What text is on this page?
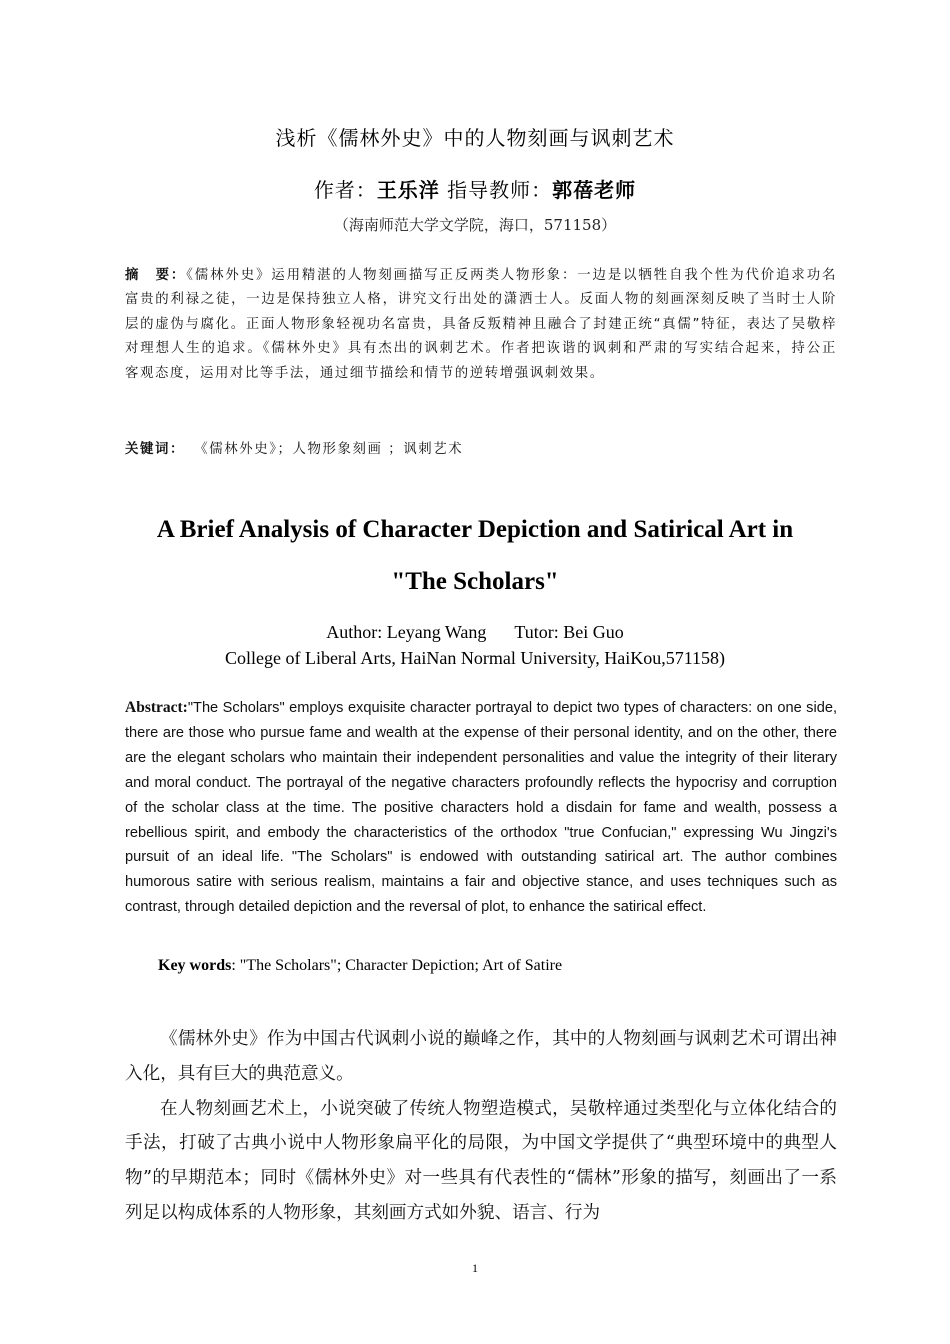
浅析《儒林外史》中的人物刻画与讽刺艺术
作者：王乐洋 指导教师：郭蓓老师
（海南师范大学文学院，海口，571158）
摘　要：《儒林外史》运用精湛的人物刻画描写正反两类人物形象：一边是以牺牲自我个性为代价追求功名富贵的利禄之徒，一边是保持独立人格，讲究文行出处的潇洒士人。反面人物的刻画深刻反映了当时士人阶层的虚伪与腐化。正面人物形象轻视功名富贵，具备反叛精神且融合了封建正统“真儒”特征，表达了吴敬梓对理想人生的追求。《儒林外史》具有杰出的讽刺艺术。作者把诙谐的讽刺和严肃的写实结合起来，持公正客观态度，运用对比等手法，通过细节描绘和情节的逆转增强讽刺效果。
关键词： 《儒林外史》；人物形象刻画 ；讽刺艺术
A Brief Analysis of Character Depiction and Satirical Art in
"The Scholars"
Author: Leyang Wang Tutor: Bei Guo
College of Liberal Arts, HaiNan Normal University, HaiKou,571158)
Abstract:"The Scholars" employs exquisite character portrayal to depict two types of characters: on one side, there are those who pursue fame and wealth at the expense of their personal identity, and on the other, there are the elegant scholars who maintain their independent personalities and value the integrity of their literary and moral conduct. The portrayal of the negative characters profoundly reflects the hypocrisy and corruption of the scholar class at the time. The positive characters hold a disdain for fame and wealth, possess a rebellious spirit, and embody the characteristics of the orthodox "true Confucian," expressing Wu Jingzi's pursuit of an ideal life. "The Scholars" is endowed with outstanding satirical art. The author combines humorous satire with serious realism, maintains a fair and objective stance, and uses techniques such as contrast, through detailed depiction and the reversal of plot, to enhance the satirical effect.
Key words: "The Scholars"; Character Depiction; Art of Satire

《儒林外史》作为中国古代讽刺小说的巅峰之作，其中的人物刻画与讽刺艺术可谓出神入化，具有巨大的典范意义。

在人物刻画艺术上，小说突破了传统人物塑造模式，吴敬梓通过类型化与立体化结合的手法，打破了古典小说中人物形象扁平化的局限，为中国文学提供了“典型环境中的典型人物”的早期范本；同时《儒林外史》对一些具有代表性的“儒林”形象的描写，刻画出了一系列足以构成体系的人物形象，其刻画方式如外貌、语言、行为

1
